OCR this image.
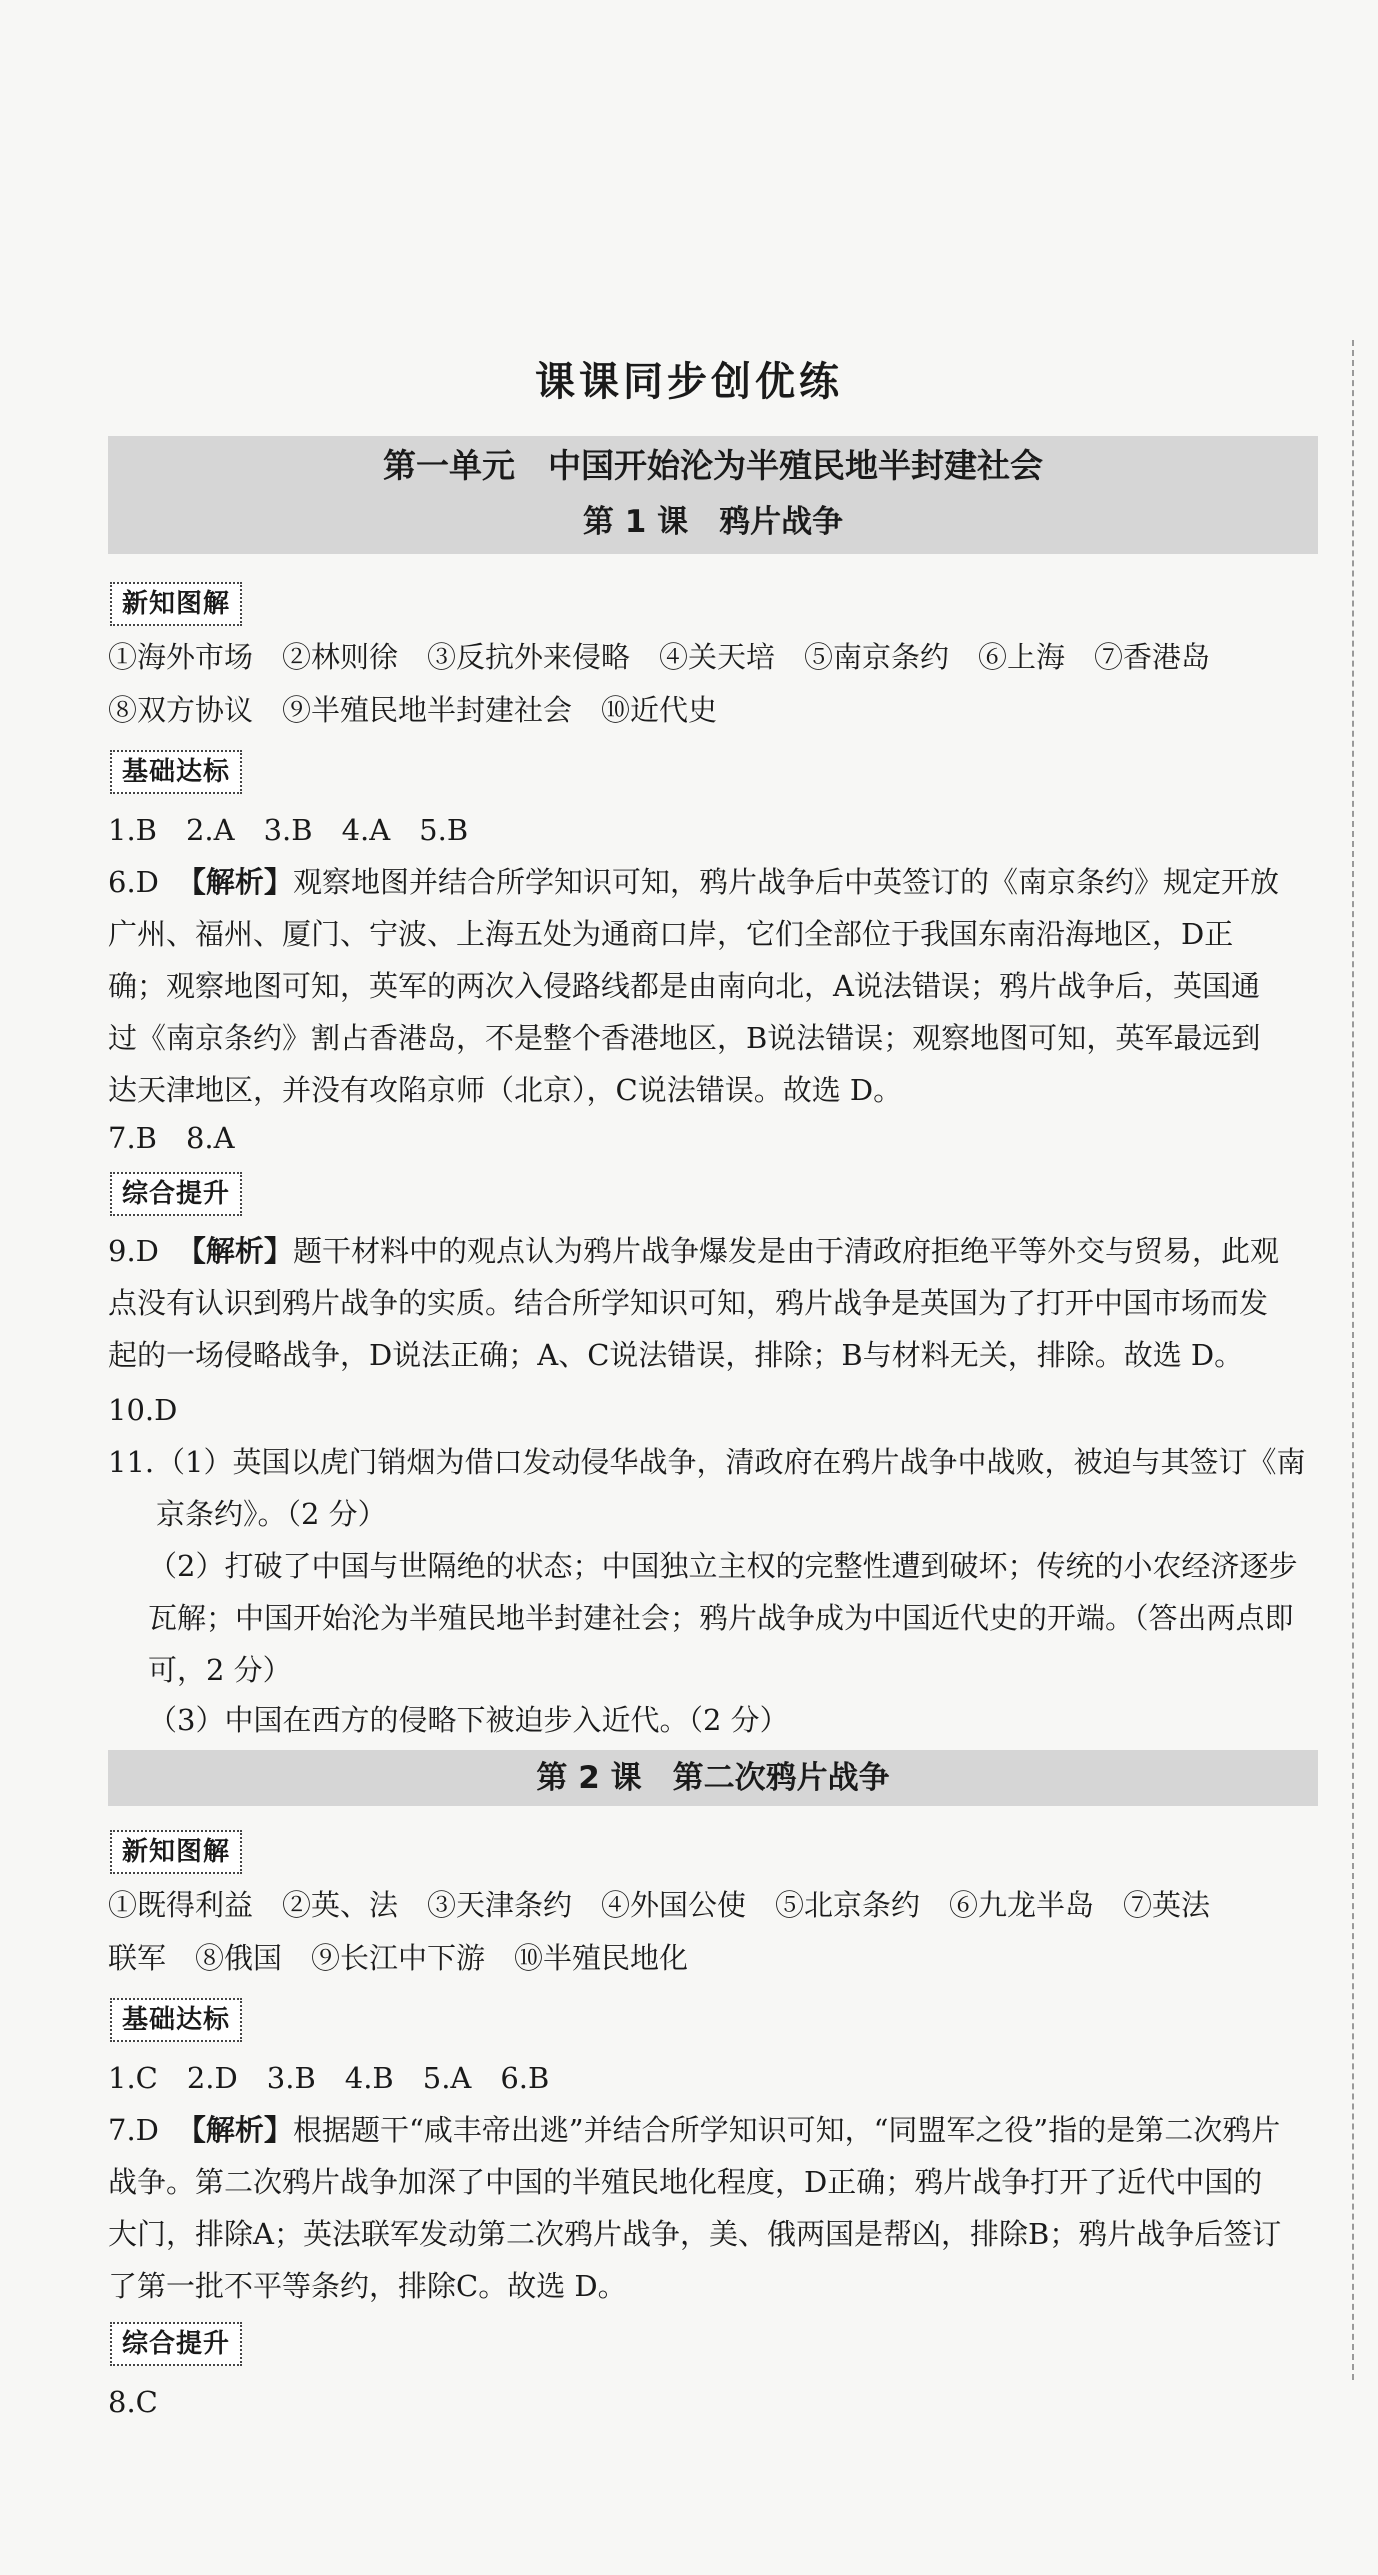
课课同步创优练
第一单元　中国开始沦为半殖民地半封建社会
第 1 课　鸦片战争
新知图解
①海外市场　②林则徐　③反抗外来侵略　④关天培　⑤南京条约　⑥上海　⑦香港岛
⑧双方协议　⑨半殖民地半封建社会　⑩近代史
基础达标
1.B　2.A　3.B　4.A　5.B
6.D 【解析】观察地图并结合所学知识可知，鸦片战争后中英签订的《南京条约》规定开放广州、福州、厦门、宁波、上海五处为通商口岸，它们全部位于我国东南沿海地区，D正确；观察地图可知，英军的两次入侵路线都是由南向北，A说法错误；鸦片战争后，英国通过《南京条约》割占香港岛，不是整个香港地区，B说法错误；观察地图可知，英军最远到达天津地区，并没有攻陷京师（北京），C说法错误。故选 D。
7.B　8.A
综合提升
9.D 【解析】题干材料中的观点认为鸦片战争爆发是由于清政府拒绝平等外交与贸易，此观点没有认识到鸦片战争的实质。结合所学知识可知，鸦片战争是英国为了打开中国市场而发起的一场侵略战争，D说法正确；A、C说法错误，排除；B与材料无关，排除。故选 D。
10.D
11. （1）英国以虎门销烟为借口发动侵华战争，清政府在鸦片战争中战败，被迫与其签订《南京条约》。（2 分）
（2）打破了中国与世隔绝的状态；中国独立主权的完整性遭到破坏；传统的小农经济逐步瓦解；中国开始沦为半殖民地半封建社会；鸦片战争成为中国近代史的开端。（答出两点即可，2 分）
（3）中国在西方的侵略下被迫步入近代。（2 分）
第 2 课　第二次鸦片战争
新知图解
①既得利益　②英、法　③天津条约　④外国公使　⑤北京条约　⑥九龙半岛　⑦英法
联军　⑧俄国　⑨长江中下游　⑩半殖民地化
基础达标
1.C　2.D　3.B　4.B　5.A　6.B
7.D 【解析】根据题干“咸丰帝出逃”并结合所学知识可知，“同盟军之役”指的是第二次鸦片战争。第二次鸦片战争加深了中国的半殖民地化程度，D正确；鸦片战争打开了近代中国的大门，排除A；英法联军发动第二次鸦片战争，美、俄两国是帮凶，排除B；鸦片战争后签订了第一批不平等条约，排除C。故选 D。
综合提升
8.C
